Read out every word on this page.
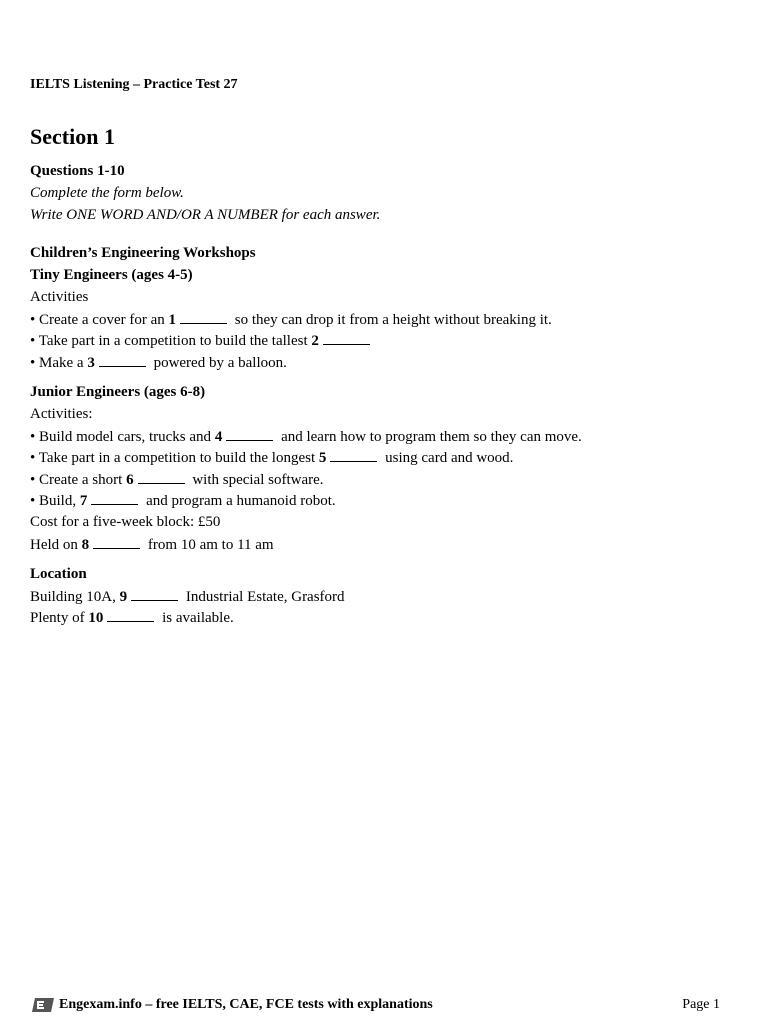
IELTS Listening – Practice Test 27
Section 1
Questions 1-10
Complete the form below.
Write ONE WORD AND/OR A NUMBER for each answer.
Children’s Engineering Workshops
Tiny Engineers (ages 4-5)
Activities
• Create a cover for an 1	so they can drop it from a height without breaking it.
• Take part in a competition to build the tallest 2
• Make a 3	powered by a balloon.
Junior Engineers (ages 6-8)
Activities:
• Build model cars, trucks and 4	and learn how to program them so they can move.
• Take part in a competition to build the longest 5	using card and wood.
• Create a short 6	with special software.
• Build, 7	and program a humanoid robot.
Cost for a five-week block: £50
Held on 8	from 10 am to 11 am
Location
Building 10A, 9	Industrial Estate, Grasford
Plenty of 10	is available.
Engexam.info – free IELTS, CAE, FCE tests with explanations	Page 1
